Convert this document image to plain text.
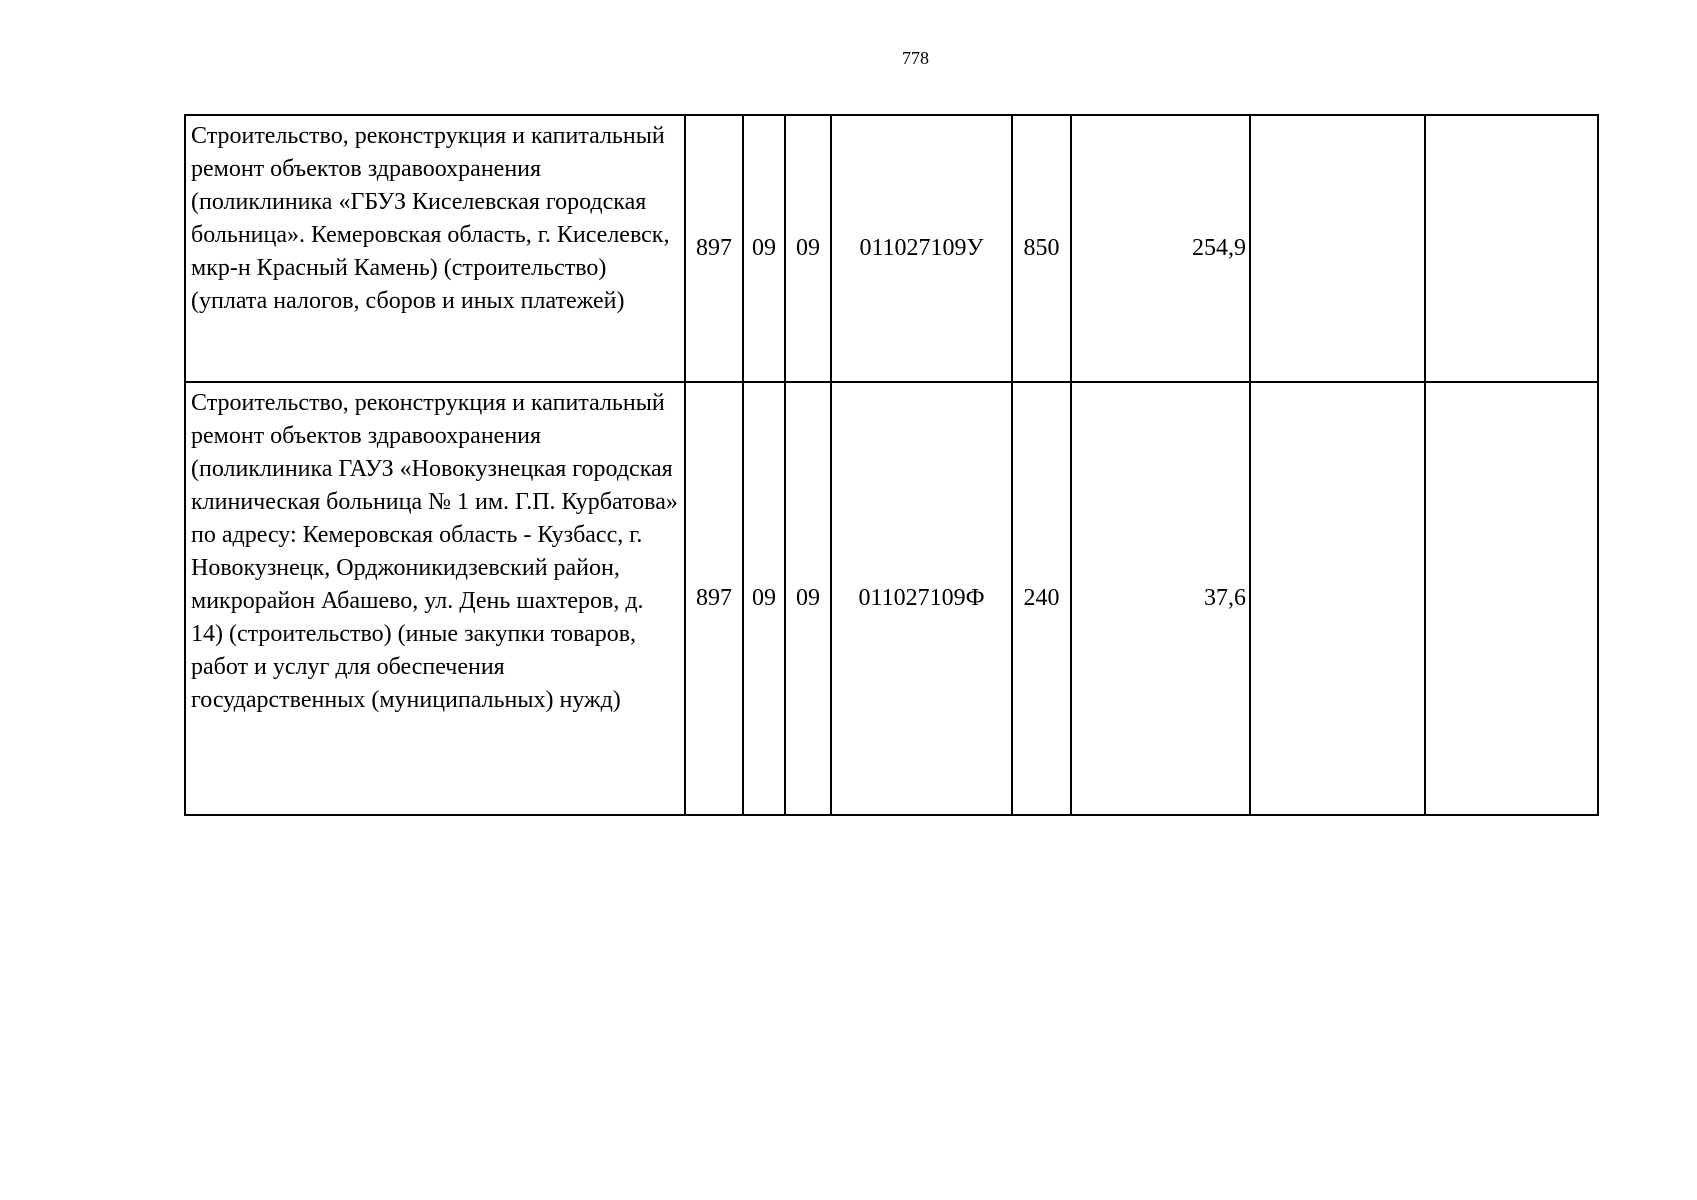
778
Строительство, реконструкция и капитальный ремонт объектов здравоохранения (поликлиника «ГБУЗ Киселевская городская больница». Кемеровская область, г. Киселевск, мкр-н Красный Камень) (строительство) (уплата налогов, сборов и иных платежей)	897	09	09	011027109У	850	254,9		
Строительство, реконструкция и капитальный ремонт объектов здравоохранения (поликлиника ГАУЗ «Новокузнецкая городская клиническая больница № 1 им. Г.П. Курбатова» по адресу: Кемеровская область - Кузбасс, г. Новокузнецк, Орджоникидзевский район, микрорайон Абашево, ул. День шахтеров, д. 14) (строительство) (иные закупки товаров, работ и услуг для обеспечения государственных (муниципальных) нужд)	897	09	09	011027109Ф	240	37,6		
